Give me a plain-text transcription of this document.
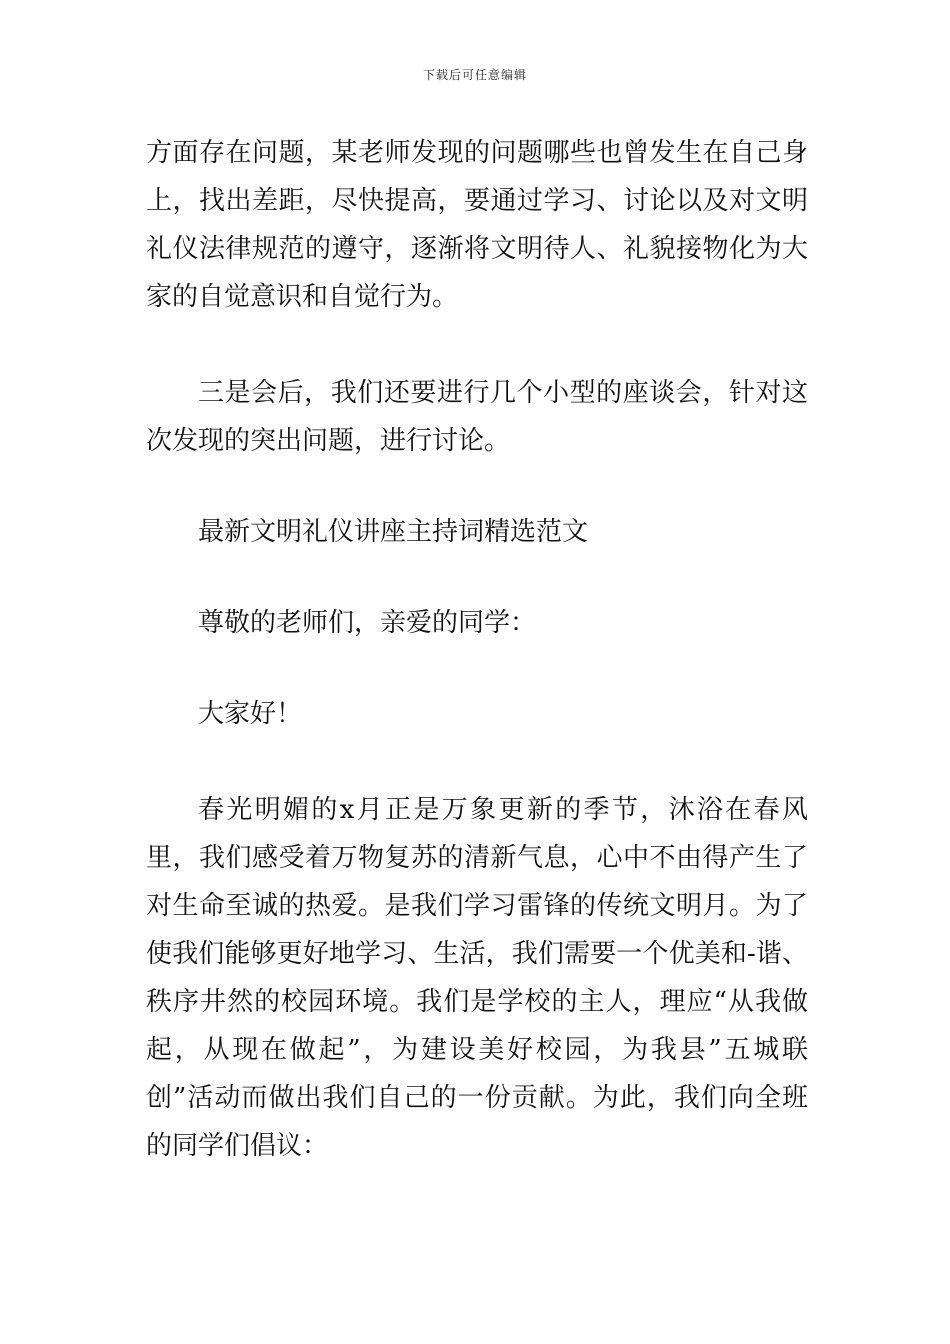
下载后可任意编辑

方面存在问题，某老师发现的问题哪些也曾发生在自己身上，找出差距，尽快提高，要通过学习、讨论以及对文明礼仪法律规范的遵守，逐渐将文明待人、礼貌接物化为大家的自觉意识和自觉行为。

三是会后，我们还要进行几个小型的座谈会，针对这次发现的突出问题，进行讨论。

最新文明礼仪讲座主持词精选范文

尊敬的老师们，亲爱的同学：

大家好！

春光明媚的x月正是万象更新的季节，沐浴在春风里，我们感受着万物复苏的清新气息，心中不由得产生了对生命至诚的热爱。是我们学习雷锋的传统文明月。为了使我们能够更好地学习、生活，我们需要一个优美和-谐、秩序井然的校园环境。我们是学校的主人，理应“从我做起，从现在做起”，为建设美好校园，为我县”五城联创”活动而做出我们自己的一份贡献。为此，我们向全班的同学们倡议：
